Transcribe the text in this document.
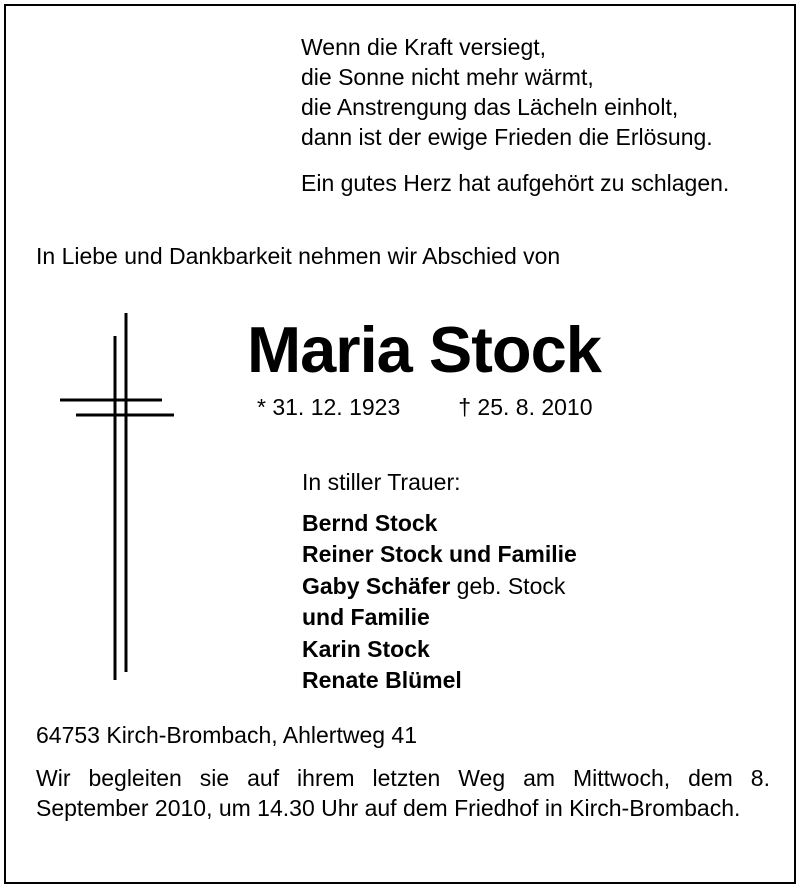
Wenn die Kraft versiegt,
die Sonne nicht mehr wärmt,
die Anstrengung das Lächeln einholt,
dann ist der ewige Frieden die Erlösung.
Ein gutes Herz hat aufgehört zu schlagen.
In Liebe und Dankbarkeit nehmen wir Abschied von
Maria Stock
* 31. 12. 1923	† 25. 8. 2010
In stiller Trauer:
Bernd Stock
Reiner Stock und Familie
Gaby Schäfer geb. Stock
und Familie
Karin Stock
Renate Blümel
64753 Kirch-Brombach, Ahlertweg 41
Wir begleiten sie auf ihrem letzten Weg am Mittwoch, dem 8. September 2010, um 14.30 Uhr auf dem Friedhof in Kirch-Brombach.
